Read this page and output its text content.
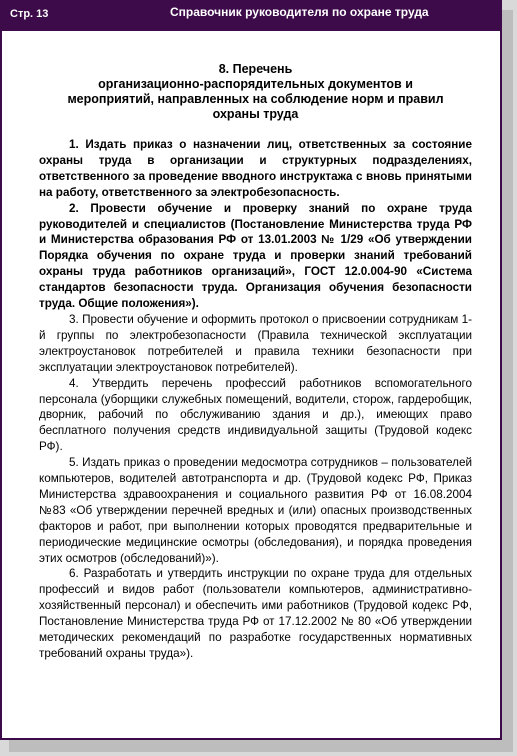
Стр. 13	Справочник руководителя по охране труда
8. Перечень
организационно-распорядительных документов и
мероприятий, направленных на соблюдение норм и правил
охраны труда

1. Издать приказ о назначении лиц, ответственных за состояние охраны труда в организации и структурных подразделениях, ответственного за проведение вводного инструктажа с вновь принятыми на работу, ответственного за электробезопасность.

2. Провести обучение и проверку знаний по охране труда руководителей и специалистов (Постановление Министерства труда РФ и Министерства образования РФ от 13.01.2003 № 1/29 «Об утверждении Порядка обучения по охране труда и проверки знаний требований охраны труда работников организаций», ГОСТ 12.0.004-90 «Система стандартов безопасности труда. Организация обучения безопасности труда. Общие положения»).

3. Провести обучение и оформить протокол о присвоении сотрудникам 1-й группы по электробезопасности (Правила технической эксплуатации электроустановок потребителей и правила техники безопасности при эксплуатации электроустановок потребителей).

4. Утвердить перечень профессий работников вспомогательного персонала (уборщики служебных помещений, водители, сторож, гардеробщик, дворник, рабочий по обслуживанию здания и др.), имеющих право бесплатного получения средств индивидуальной защиты (Трудовой кодекс РФ).

5. Издать приказ о проведении медосмотра сотрудников – пользователей компьютеров, водителей автотранспорта и др. (Трудовой кодекс РФ, Приказ Министерства здравоохранения и социального развития РФ от 16.08.2004 №83 «Об утверждении перечней вредных и (или) опасных производственных факторов и работ, при выполнении которых проводятся предварительные и периодические медицинские осмотры (обследования), и порядка проведения этих осмотров (обследований)»).

6. Разработать и утвердить инструкции по охране труда для отдельных профессий и видов работ (пользователи компьютеров, административно-хозяйственный персонал) и обеспечить ими работников (Трудовой кодекс РФ, Постановление Министерства труда РФ от 17.12.2002 № 80 «Об утверждении методических рекомендаций по разработке государственных нормативных требований охраны труда»).
